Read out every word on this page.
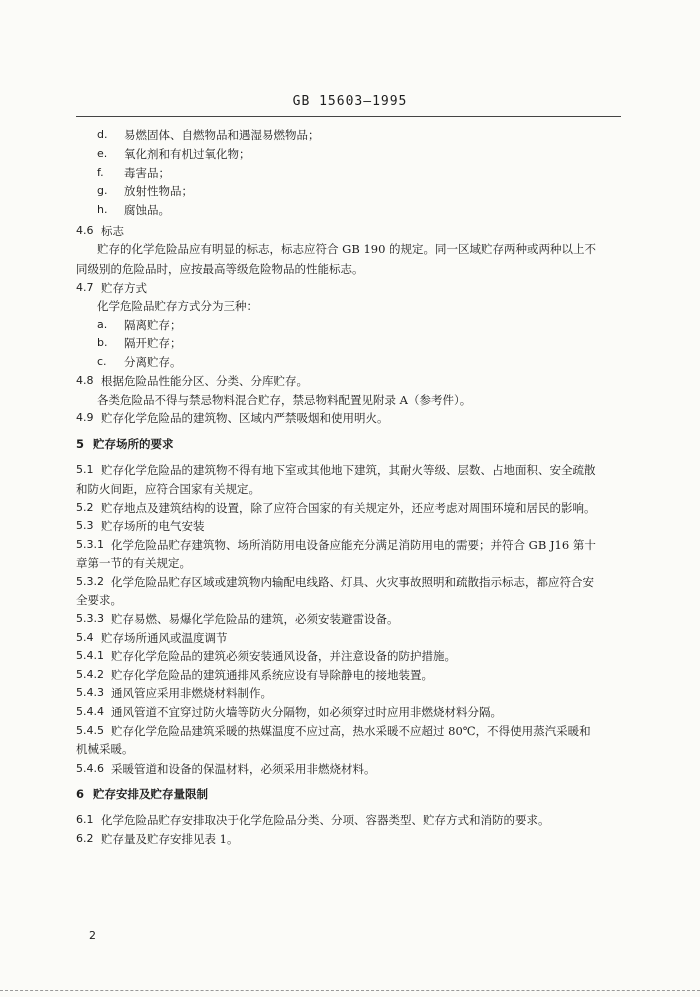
GB 15603—1995
d. 易燃固体、自燃物品和遇湿易燃物品；
e. 氧化剂和有机过氧化物；
f. 毒害品；
g. 放射性物品；
h. 腐蚀品。
4.6 标志
贮存的化学危险品应有明显的标志，标志应符合 GB 190 的规定。同一区域贮存两种或两种以上不
同级别的危险品时，应按最高等级危险物品的性能标志。
4.7 贮存方式
化学危险品贮存方式分为三种：
a. 隔离贮存；
b. 隔开贮存；
c. 分离贮存。
4.8 根据危险品性能分区、分类、分库贮存。
各类危险品不得与禁忌物料混合贮存，禁忌物料配置见附录 A（参考件）。
4.9 贮存化学危险品的建筑物、区域内严禁吸烟和使用明火。
5 贮存场所的要求
5.1 贮存化学危险品的建筑物不得有地下室或其他地下建筑，其耐火等级、层数、占地面积、安全疏散
和防火间距，应符合国家有关规定。
5.2 贮存地点及建筑结构的设置，除了应符合国家的有关规定外，还应考虑对周围环境和居民的影响。
5.3 贮存场所的电气安装
5.3.1 化学危险品贮存建筑物、场所消防用电设备应能充分满足消防用电的需要；并符合 GB J16 第十
章第一节的有关规定。
5.3.2 化学危险品贮存区域或建筑物内输配电线路、灯具、火灾事故照明和疏散指示标志，都应符合安
全要求。
5.3.3 贮存易燃、易爆化学危险品的建筑，必须安装避雷设备。
5.4 贮存场所通风或温度调节
5.4.1 贮存化学危险品的建筑必须安装通风设备，并注意设备的防护措施。
5.4.2 贮存化学危险品的建筑通排风系统应设有导除静电的接地装置。
5.4.3 通风管应采用非燃烧材料制作。
5.4.4 通风管道不宜穿过防火墙等防火分隔物，如必须穿过时应用非燃烧材料分隔。
5.4.5 贮存化学危险品建筑采暖的热媒温度不应过高，热水采暖不应超过 80℃，不得使用蒸汽采暖和
机械采暖。
5.4.6 采暖管道和设备的保温材料，必须采用非燃烧材料。
6 贮存安排及贮存量限制
6.1 化学危险品贮存安排取决于化学危险品分类、分项、容器类型、贮存方式和消防的要求。
6.2 贮存量及贮存安排见表 1。
2
